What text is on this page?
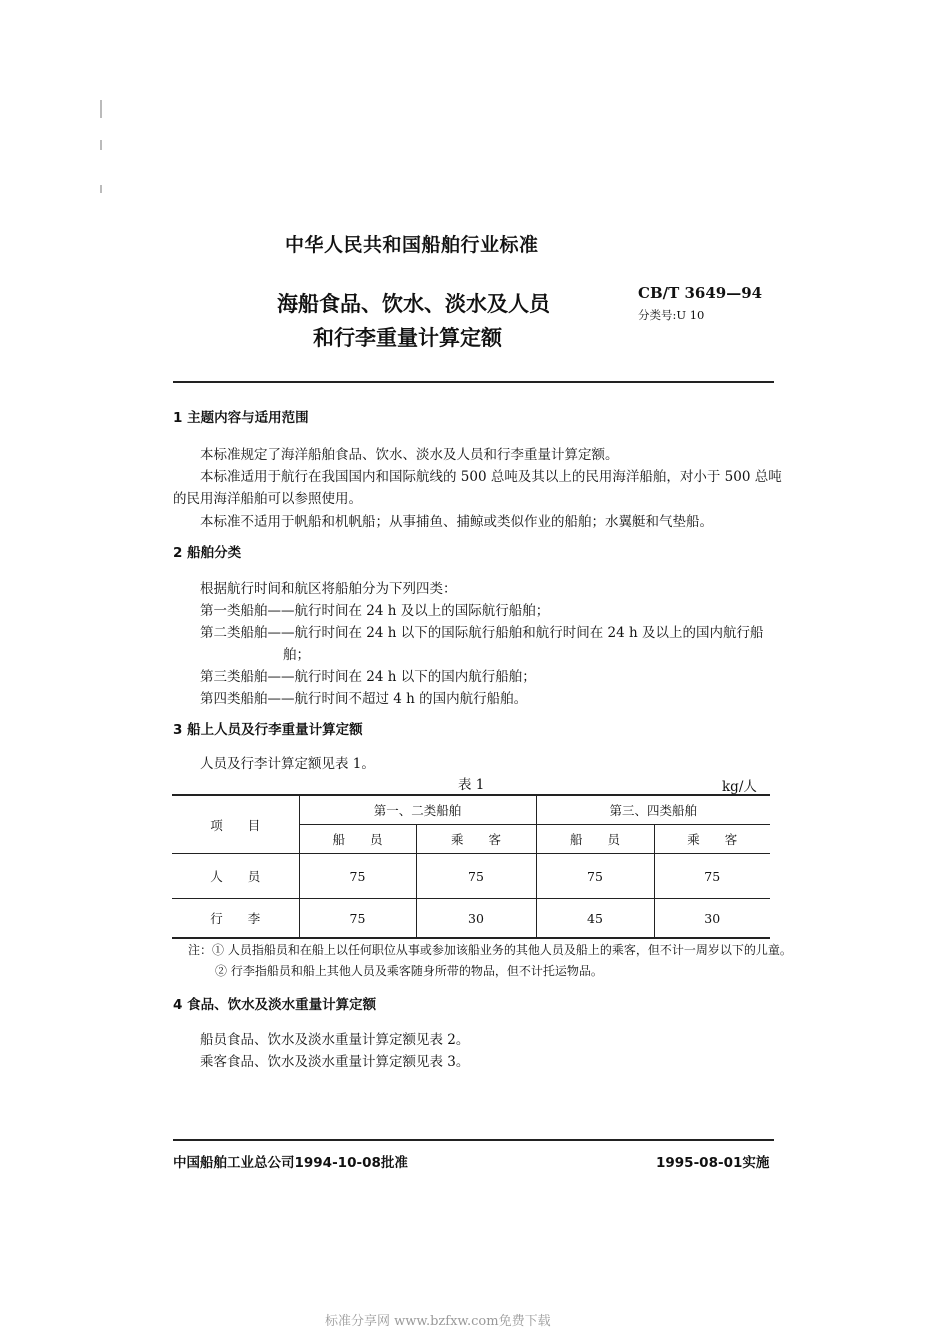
中华人民共和国船舶行业标准
海船食品、饮水、淡水及人员
和行李重量计算定额
CB/T 3649—94
分类号:U 10
1 主题内容与适用范围
本标准规定了海洋船舶食品、饮水、淡水及人员和行李重量计算定额。
本标准适用于航行在我国国内和国际航线的 500 总吨及其以上的民用海洋船舶，对小于 500 总吨
的民用海洋船舶可以参照使用。
本标准不适用于帆船和机帆船；从事捕鱼、捕鲸或类似作业的船舶；水翼艇和气垫船。
2 船舶分类
根据航行时间和航区将船舶分为下列四类：
第一类船舶——航行时间在 24 h 及以上的国际航行船舶；
第二类船舶——航行时间在 24 h 以下的国际航行船舶和航行时间在 24 h 及以上的国内航行船
舶；
第三类船舶——航行时间在 24 h 以下的国内航行船舶；
第四类船舶——航行时间不超过 4 h 的国内航行船舶。
3 船上人员及行李重量计算定额
人员及行李计算定额见表 1。
表 1	kg/人
项　　目	第一、二类船舶		第三、四类船舶	
	船　　员	乘　　客	船　　员	乘　　客
人　　员	75	75	75	75
行　　李	75	30	45	30
注：① 人员指船员和在船上以任何职位从事或参加该船业务的其他人员及船上的乘客，但不计一周岁以下的儿童。
② 行李指船员和船上其他人员及乘客随身所带的物品，但不计托运物品。
4 食品、饮水及淡水重量计算定额
船员食品、饮水及淡水重量计算定额见表 2。
乘客食品、饮水及淡水重量计算定额见表 3。
中国船舶工业总公司1994-10-08批准	1995-08-01实施
标准分享网 www.bzfxw.com免费下载
